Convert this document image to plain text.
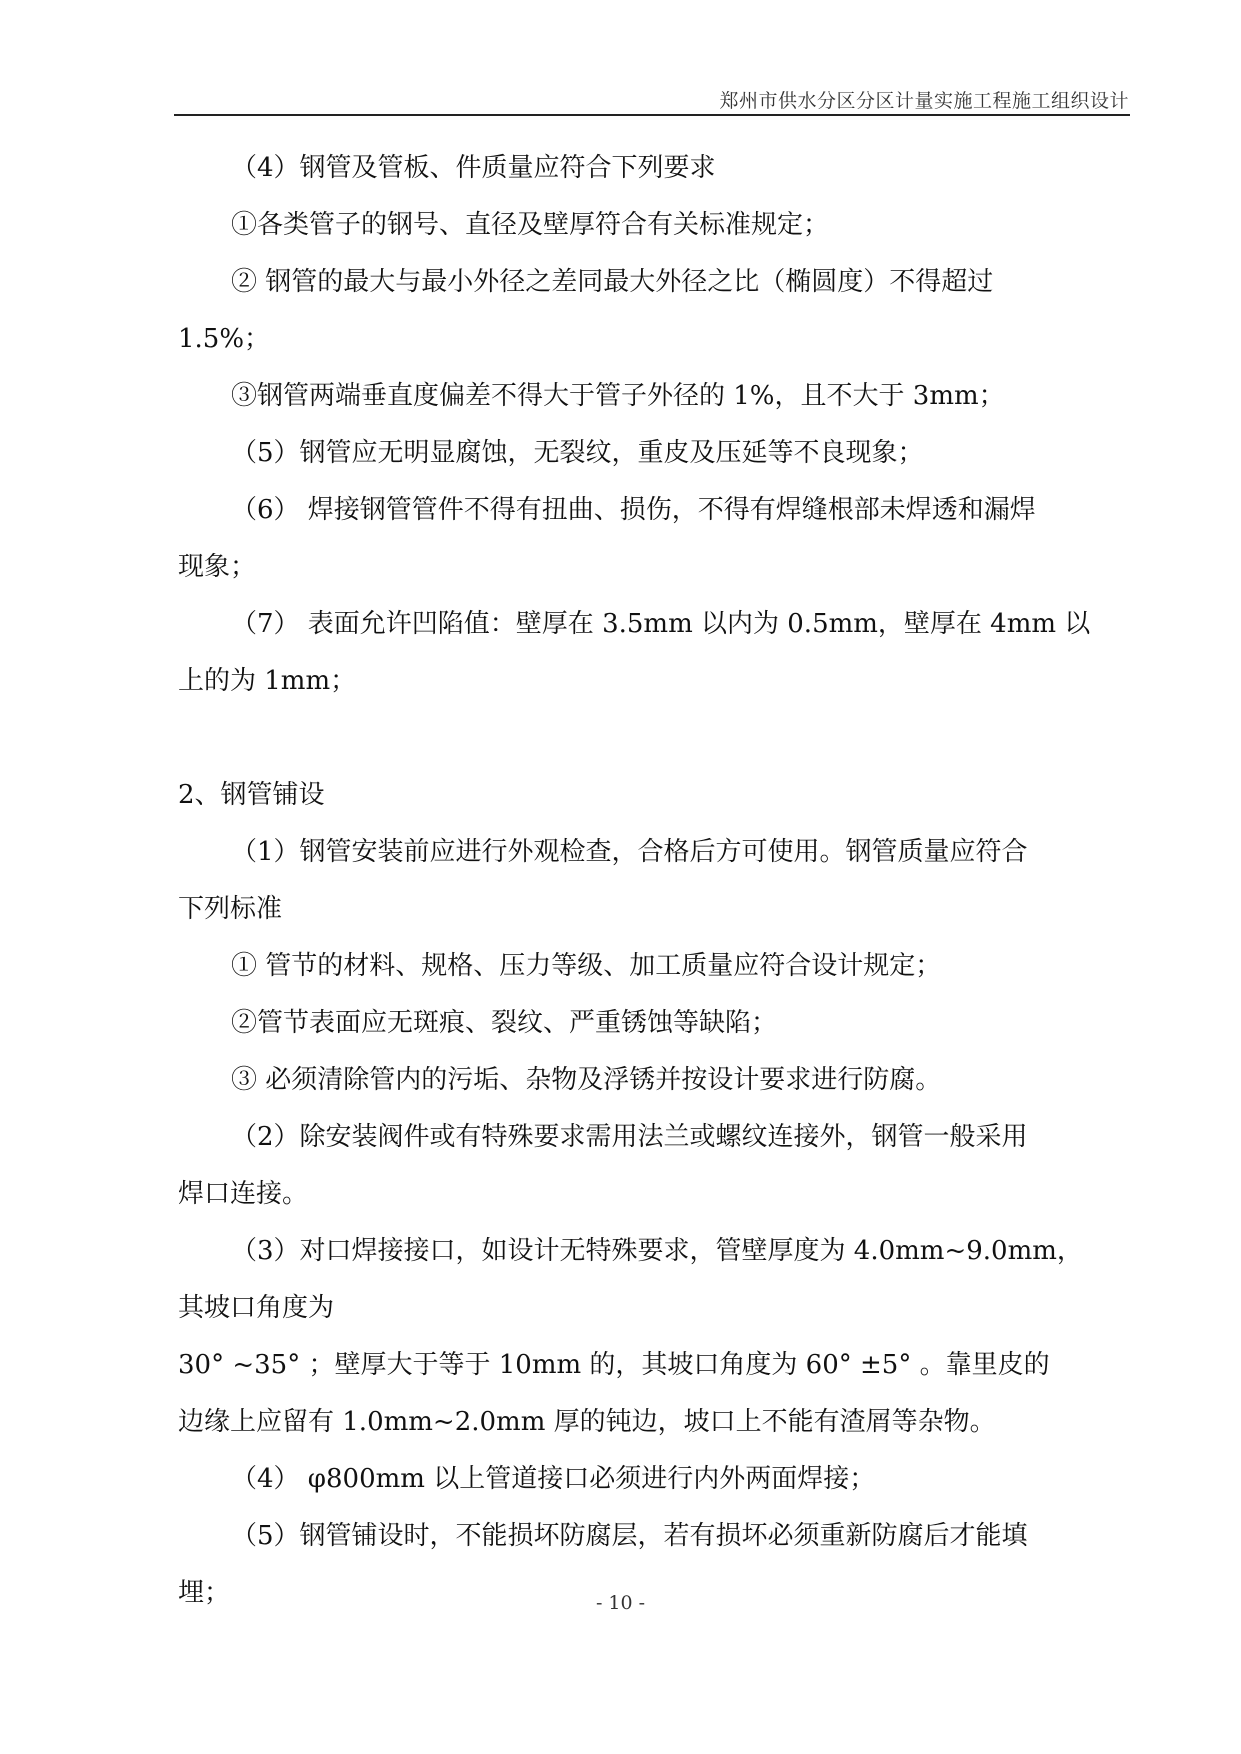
郑州市供水分区分区计量实施工程施工组织设计
（4）钢管及管板、件质量应符合下列要求
①各类管子的钢号、直径及壁厚符合有关标准规定；
② 钢管的最大与最小外径之差同最大外径之比（椭圆度）不得超过
1.5%；
③钢管两端垂直度偏差不得大于管子外径的 1%，且不大于 3mm；
（5）钢管应无明显腐蚀，无裂纹，重皮及压延等不良现象；
（6） 焊接钢管管件不得有扭曲、损伤，不得有焊缝根部未焊透和漏焊
现象；
（7） 表面允许凹陷值：壁厚在 3.5mm 以内为 0.5mm，壁厚在 4mm 以
上的为 1mm；
2、钢管铺设
（1）钢管安装前应进行外观检查，合格后方可使用。钢管质量应符合
下列标准
① 管节的材料、规格、压力等级、加工质量应符合设计规定；
②管节表面应无斑痕、裂纹、严重锈蚀等缺陷；
③ 必须清除管内的污垢、杂物及浮锈并按设计要求进行防腐。
（2）除安装阀件或有特殊要求需用法兰或螺纹连接外，钢管一般采用
焊口连接。
（3）对口焊接接口，如设计无特殊要求，管壁厚度为 4.0mm~9.0mm，
其坡口角度为
30° ~35° ；壁厚大于等于 10mm 的，其坡口角度为 60° ±5° 。靠里皮的
边缘上应留有 1.0mm~2.0mm 厚的钝边，坡口上不能有渣屑等杂物。
（4） φ800mm 以上管道接口必须进行内外两面焊接；
（5）钢管铺设时，不能损坏防腐层，若有损坏必须重新防腐后才能填
埋；	- 10 -
